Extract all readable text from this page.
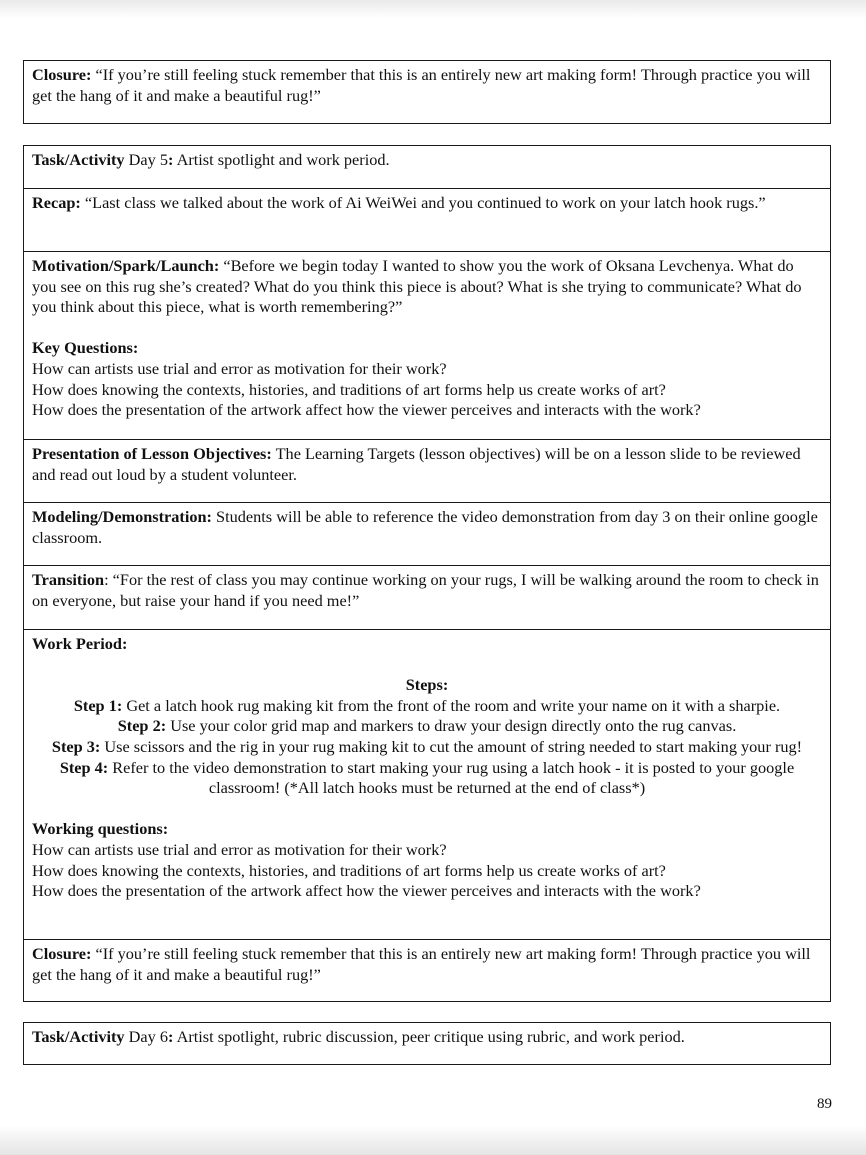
Closure: “If you’re still feeling stuck remember that this is an entirely new art making form! Through practice you will get the hang of it and make a beautiful rug!”
Task/Activity Day 5: Artist spotlight and work period.
Recap: “Last class we talked about the work of Ai WeiWei and you continued to work on your latch hook rugs.”
Motivation/Spark/Launch: “Before we begin today I wanted to show you the work of Oksana Levchenya. What do you see on this rug she’s created? What do you think this piece is about? What is she trying to communicate? What do you think about this piece, what is worth remembering?”
Key Questions:
How can artists use trial and error as motivation for their work?
How does knowing the contexts, histories, and traditions of art forms help us create works of art?
How does the presentation of the artwork affect how the viewer perceives and interacts with the work?
Presentation of Lesson Objectives: The Learning Targets (lesson objectives) will be on a lesson slide to be reviewed and read out loud by a student volunteer.
Modeling/Demonstration: Students will be able to reference the video demonstration from day 3 on their online google classroom.
Transition: “For the rest of class you may continue working on your rugs, I will be walking around the room to check in on everyone, but raise your hand if you need me!”
Work Period:
Steps:
Step 1: Get a latch hook rug making kit from the front of the room and write your name on it with a sharpie.
Step 2: Use your color grid map and markers to draw your design directly onto the rug canvas.
Step 3: Use scissors and the rig in your rug making kit to cut the amount of string needed to start making your rug!
Step 4: Refer to the video demonstration to start making your rug using a latch hook - it is posted to your google classroom! (*All latch hooks must be returned at the end of class*)
Working questions:
How can artists use trial and error as motivation for their work?
How does knowing the contexts, histories, and traditions of art forms help us create works of art?
How does the presentation of the artwork affect how the viewer perceives and interacts with the work?
Closure: “If you’re still feeling stuck remember that this is an entirely new art making form! Through practice you will get the hang of it and make a beautiful rug!”
Task/Activity Day 6: Artist spotlight, rubric discussion, peer critique using rubric, and work period.
89
